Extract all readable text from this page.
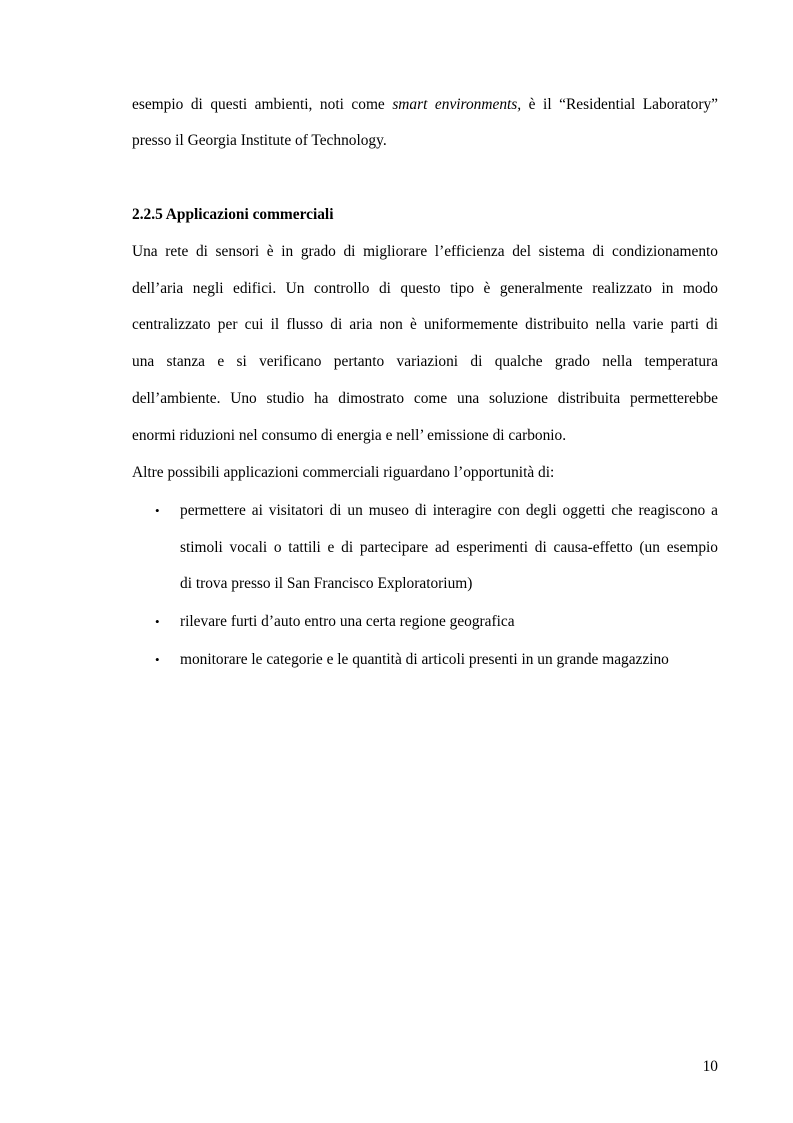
esempio di questi ambienti, noti come smart environments, è il “Residential Laboratory”
presso il Georgia Institute of Technology.
2.2.5 Applicazioni commerciali
Una rete di sensori è in grado di migliorare l’efficienza del sistema di condizionamento
dell’aria negli edifici. Un controllo di questo tipo è generalmente realizzato in modo
centralizzato per cui il flusso di aria non è uniformemente distribuito nella varie parti di
una stanza e si verificano pertanto variazioni di qualche grado nella temperatura
dell’ambiente. Uno studio ha dimostrato come una soluzione distribuita permetterebbe
enormi riduzioni nel consumo di energia e nell’ emissione di carbonio.
Altre possibili applicazioni commerciali riguardano l’opportunità di:
•	permettere ai visitatori di un museo di interagire con degli oggetti che reagiscono a
stimoli vocali o tattili e di partecipare ad esperimenti di causa-effetto (un esempio
di trova presso il San Francisco Exploratorium)
•	rilevare furti d’auto entro una certa regione geografica
•	monitorare le categorie e le quantità di articoli presenti in un grande magazzino
10
